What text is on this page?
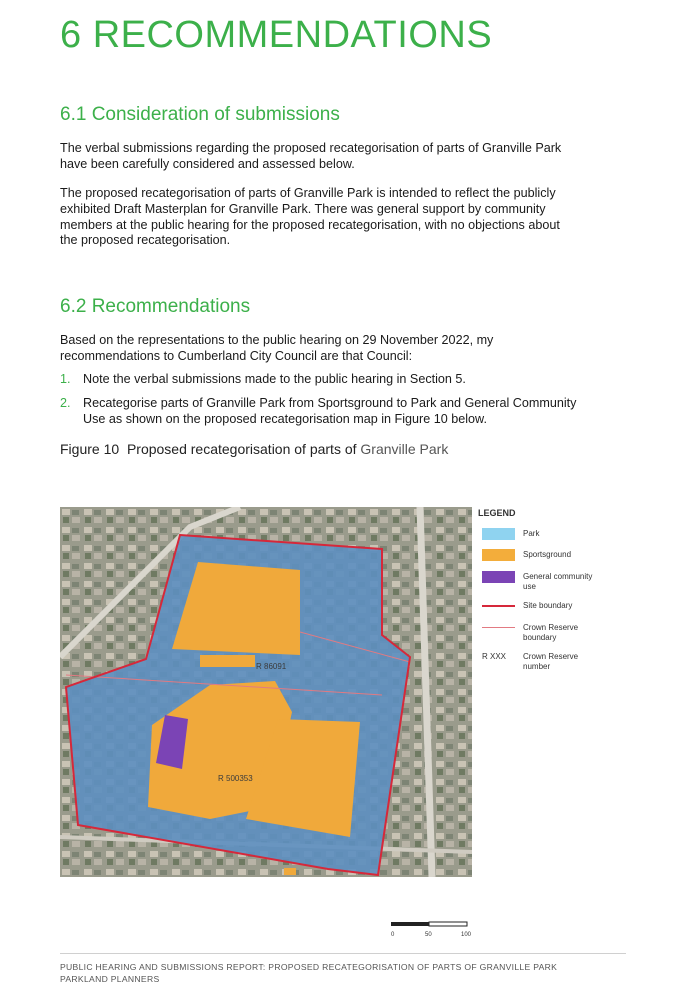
6 RECOMMENDATIONS
6.1 Consideration of submissions
The verbal submissions regarding the proposed recategorisation of parts of Granville Park
have been carefully considered and assessed below.
The proposed recategorisation of parts of Granville Park is intended to reflect the publicly
exhibited Draft Masterplan for Granville Park. There was general support by community
members at the public hearing for the proposed recategorisation, with no objections about
the proposed recategorisation.
6.2 Recommendations
Based on the representations to the public hearing on 29 November 2022, my
recommendations to Cumberland City Council are that Council:
1. Note the verbal submissions made to the public hearing in Section 5.
2. Recategorise parts of Granville Park from Sportsground to Park and General Community
Use as shown on the proposed recategorisation map in Figure 10 below.
Figure 10 Proposed recategorisation of parts of Granville Park
R 86091
R 500353
LEGEND
Park
Sportsground
General community use
Site boundary
Crown Reserve boundary
R XXX Crown Reserve number
0	50	100
PUBLIC HEARING AND SUBMISSIONS REPORT: PROPOSED RECATEGORISATION OF PARTS OF GRANVILLE PARK
PARKLAND PLANNERS
